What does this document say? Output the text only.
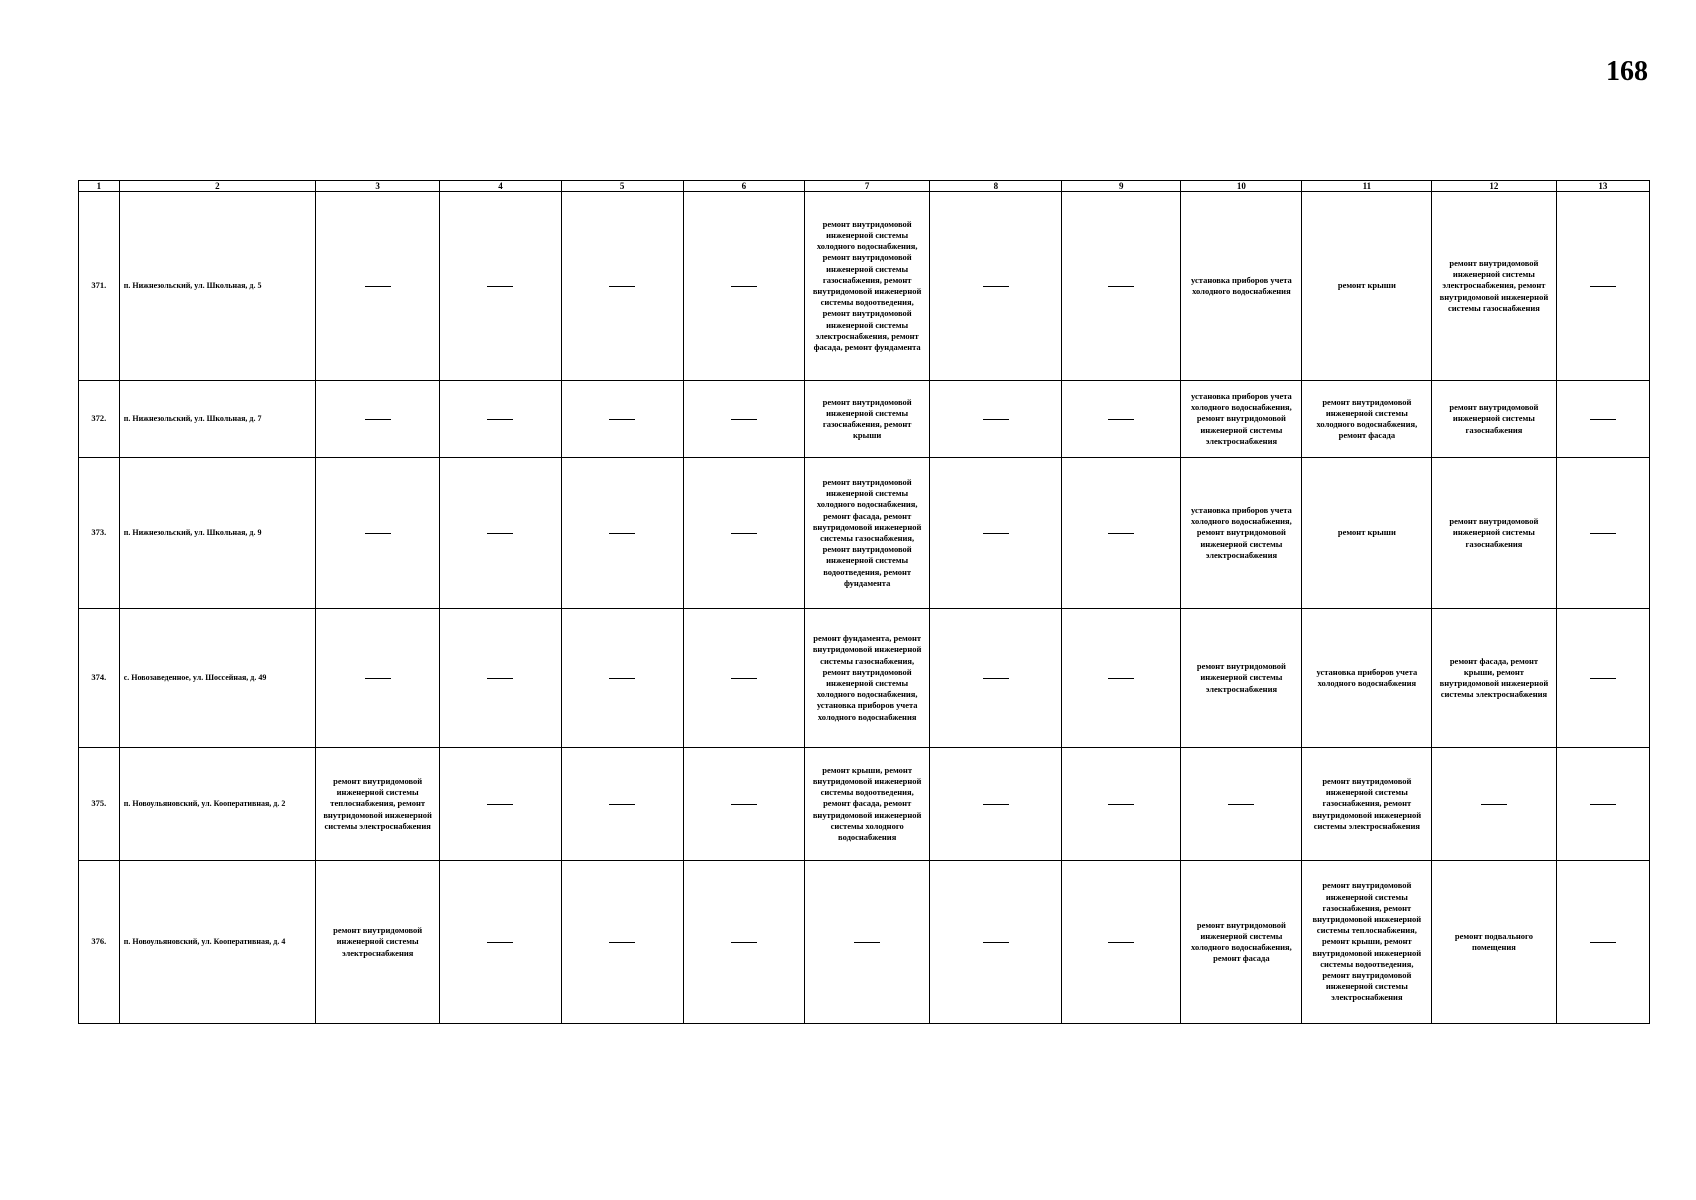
168
1	2	3	4	5	6	7	8	9	10	11	12	13
371.	п. Нижнезольский, ул. Школьная, д. 5					ремонт внутридомовой инженерной системы холодного водоснабжения, ремонт внутридомовой инженерной системы газоснабжения, ремонт внутридомовой инженерной системы водоотведения, ремонт внутридомовой инженерной системы электроснабжения, ремонт фасада, ремонт фундамента			установка приборов учета холодного водоснабжения	ремонт крыши	ремонт внутридомовой инженерной системы электроснабжения, ремонт внутридомовой инженерной системы газоснабжения	
372.	п. Нижнезольский, ул. Школьная, д. 7					ремонт внутридомовой инженерной системы газоснабжения, ремонт крыши			установка приборов учета холодного водоснабжения, ремонт внутридомовой инженерной системы электроснабжения	ремонт внутридомовой инженерной системы холодного водоснабжения, ремонт фасада	ремонт внутридомовой инженерной системы газоснабжения	
373.	п. Нижнезольский, ул. Школьная, д. 9					ремонт внутридомовой инженерной системы холодного водоснабжения, ремонт фасада, ремонт внутридомовой инженерной системы газоснабжения, ремонт внутридомовой инженерной системы водоотведения, ремонт фундамента			установка приборов учета холодного водоснабжения, ремонт внутридомовой инженерной системы электроснабжения	ремонт крыши	ремонт внутридомовой инженерной системы газоснабжения	
374.	с. Новозаведенное, ул. Шоссейная, д. 49					ремонт фундамента, ремонт внутридомовой инженерной системы газоснабжения, ремонт внутридомовой инженерной системы холодного водоснабжения, установка приборов учета холодного водоснабжения			ремонт внутридомовой инженерной системы электроснабжения	установка приборов учета холодного водоснабжения	ремонт фасада, ремонт крыши, ремонт внутридомовой инженерной системы электроснабжения	
375.	п. Новоульяновский, ул. Кооперативная, д. 2	ремонт внутридомовой инженерной системы теплоснабжения, ремонт внутридомовой инженерной системы электроснабжения				ремонт крыши, ремонт внутридомовой инженерной системы водоотведения, ремонт фасада, ремонт внутридомовой инженерной системы холодного водоснабжения				ремонт внутридомовой инженерной системы газоснабжения, ремонт внутридомовой инженерной системы электроснабжения		
376.	п. Новоульяновский, ул. Кооперативная, д. 4	ремонт внутридомовой инженерной системы электроснабжения							ремонт внутридомовой инженерной системы холодного водоснабжения, ремонт фасада	ремонт внутридомовой инженерной системы газоснабжения, ремонт внутридомовой инженерной системы теплоснабжения, ремонт крыши, ремонт внутридомовой инженерной системы водоотведения, ремонт внутридомовой инженерной системы электроснабжения	ремонт подвального помещения	
